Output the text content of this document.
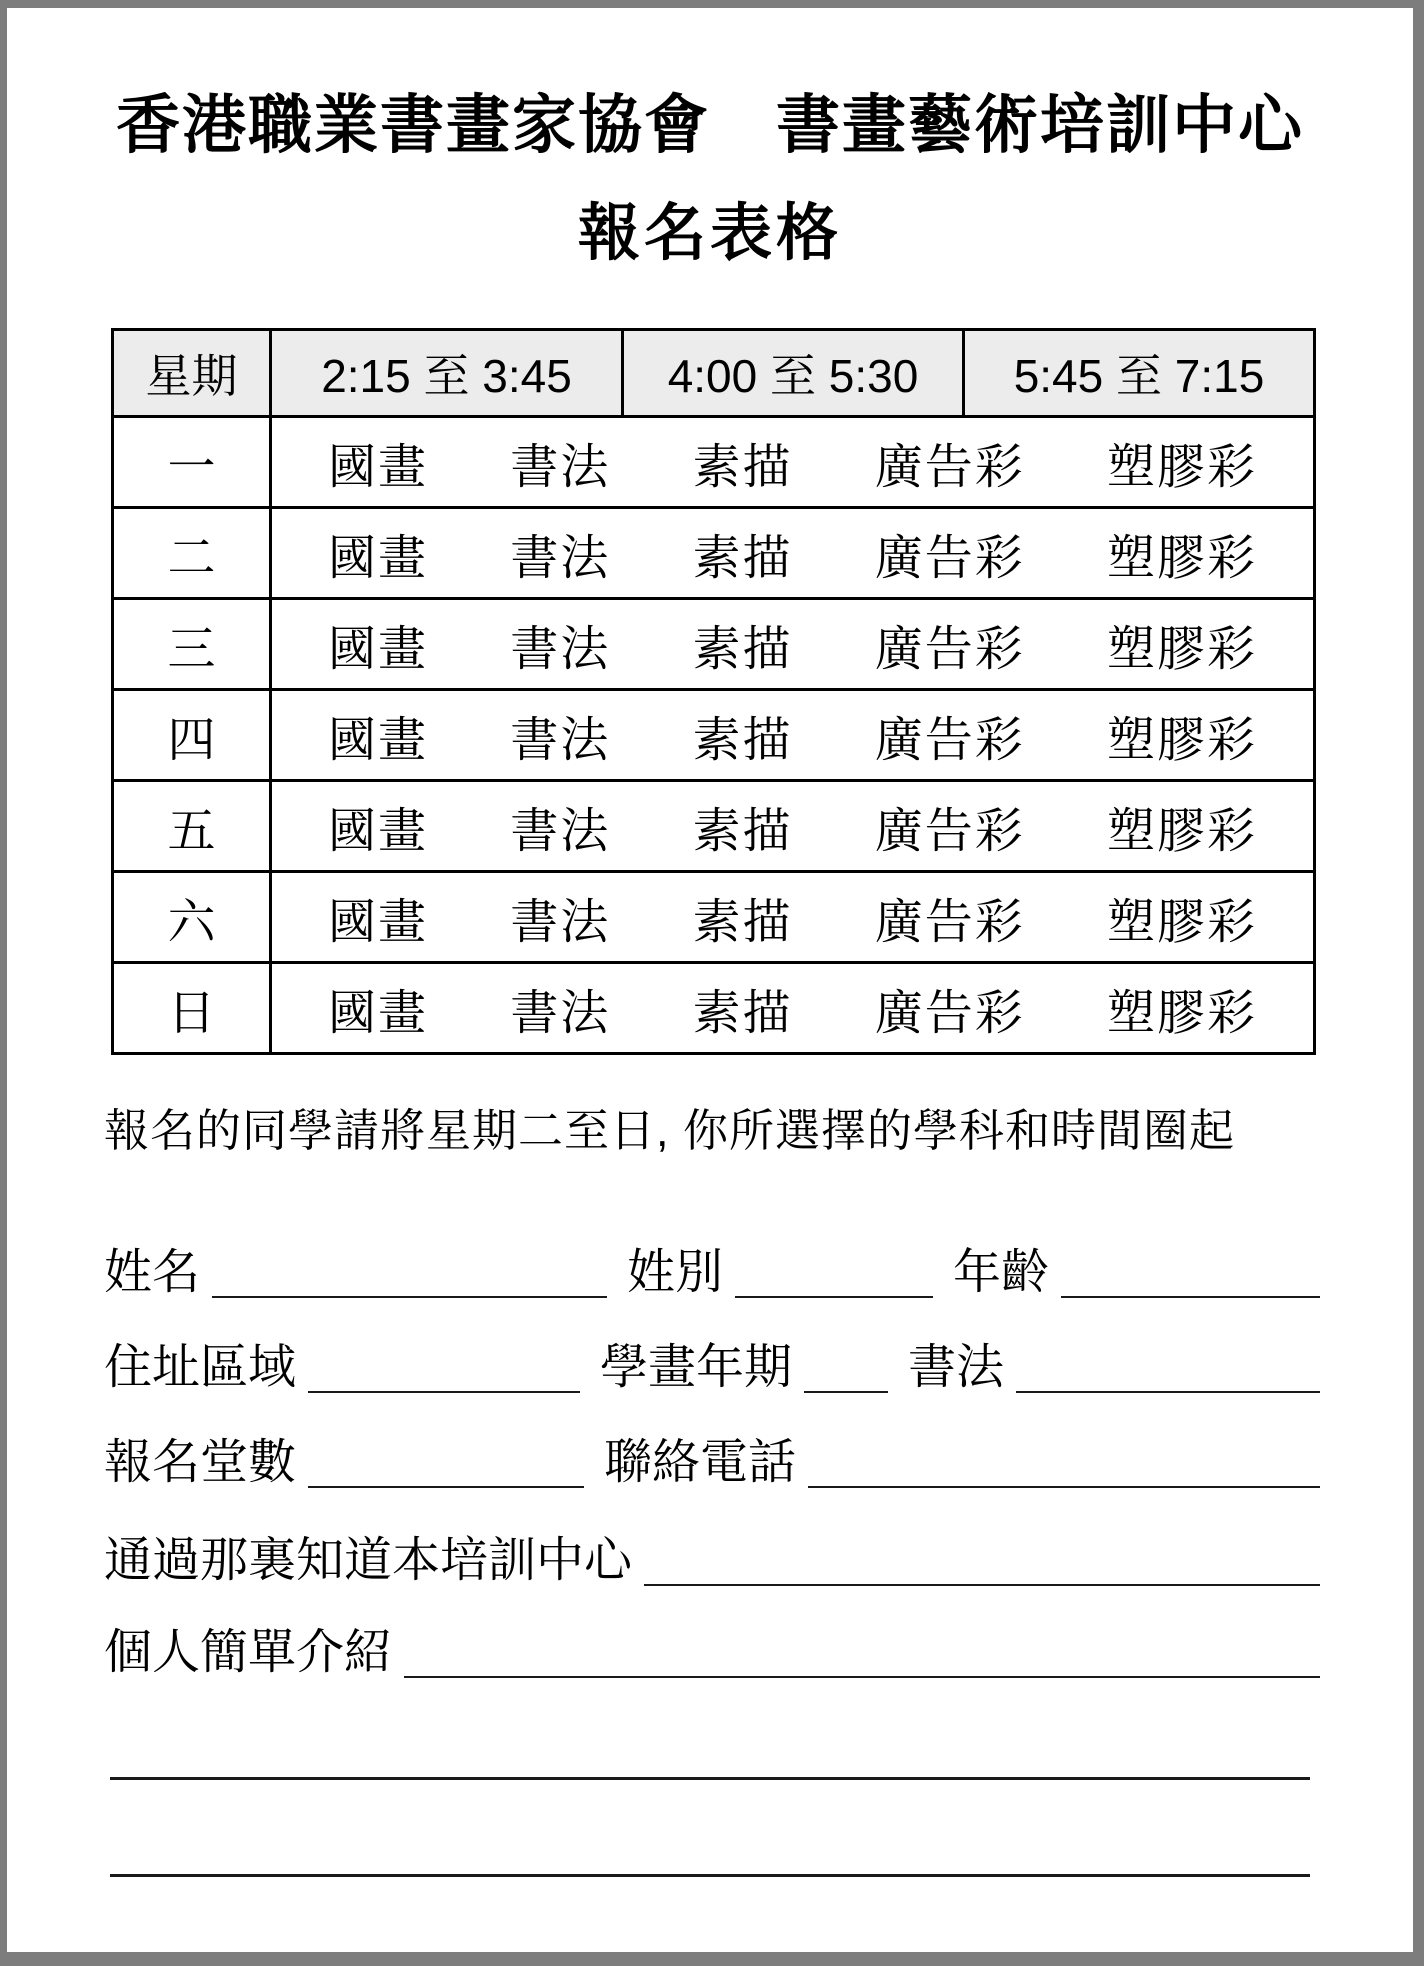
香港職業書畫家協會　書畫藝術培訓中心
報名表格
星期	2:15 至 3:45	4:00 至 5:30	5:45 至 7:15
一	國畫 書法 素描 廣告彩 塑膠彩		

二	國畫 書法 素描 廣告彩 塑膠彩		

三	國畫 書法 素描 廣告彩 塑膠彩		

四	國畫 書法 素描 廣告彩 塑膠彩		

五	國畫 書法 素描 廣告彩 塑膠彩		

六	國畫 書法 素描 廣告彩 塑膠彩		

日	國畫 書法 素描 廣告彩 塑膠彩		
報名的同學請將星期二至日, 你所選擇的學科和時間圈起
姓名	姓別	年齡
住址區域	學畫年期 書法
報名堂數	聯絡電話
通過那裏知道本培訓中心
個人簡單介紹
